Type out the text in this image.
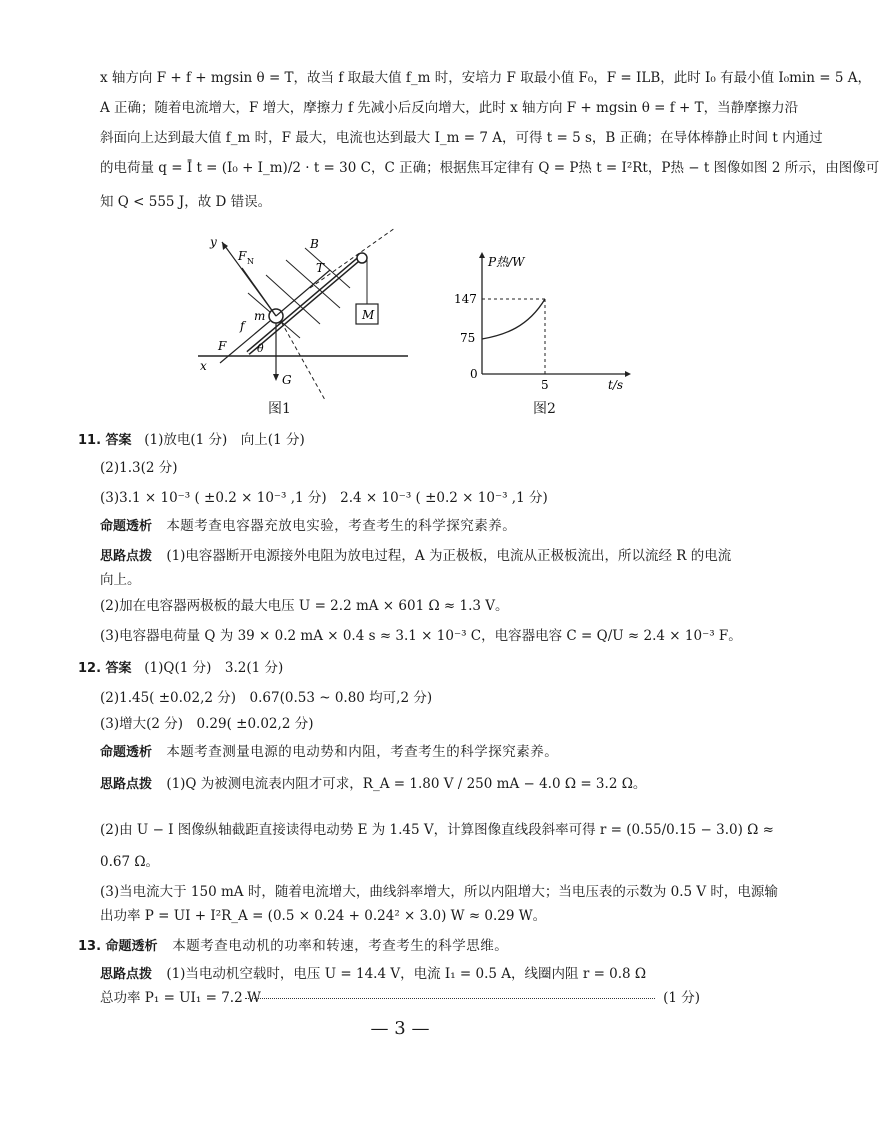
x 轴方向 F + f + mgsin θ = T，故当 f 取最大值 f_m 时，安培力 F 取最小值 F₀，F = ILB，此时 I₀ 有最小值 I₀min = 5 A，
A 正确；随着电流增大，F 增大，摩擦力 f 先减小后反向增大，此时 x 轴方向 F + mgsin θ = f + T，当静摩擦力沿
斜面向上达到最大值 f_m 时，F 最大，电流也达到最大 I_m = 7 A，可得 t = 5 s，B 正确；在导体棒静止时间 t 内通过
的电荷量 q = Ī t = (I₀ + I_m)/2 · t = 30 C，C 正确；根据焦耳定律有 Q = P热 t = I²Rt，P热 − t 图像如图 2 所示，由图像可
知 Q < 555 J，故 D 错误。
M
m
y
F N	T
B
G
f
F
x
θ
图1
P热/W
147
75
0
5	t/s
图2
11. 答案 (1)放电(1 分)　向上(1 分)
(2)1.3(2 分)
(3)3.1 × 10⁻³ ( ±0.2 × 10⁻³ ,1 分)　2.4 × 10⁻³ ( ±0.2 × 10⁻³ ,1 分)
命题透析 本题考查电容器充放电实验，考查考生的科学探究素养。
思路点拨 (1)电容器断开电源接外电阻为放电过程，A 为正极板，电流从正极板流出，所以流经 R 的电流
向上。
(2)加在电容器两极板的最大电压 U = 2.2 mA × 601 Ω ≈ 1.3 V。
(3)电容器电荷量 Q 为 39 × 0.2 mA × 0.4 s ≈ 3.1 × 10⁻³ C，电容器电容 C = Q/U ≈ 2.4 × 10⁻³ F。
12. 答案 (1)Q(1 分)　3.2(1 分)
(2)1.45( ±0.02,2 分)　0.67(0.53 ~ 0.80 均可,2 分)
(3)增大(2 分)　0.29( ±0.02,2 分)
命题透析 本题考查测量电源的电动势和内阻，考查考生的科学探究素养。
思路点拨 (1)Q 为被测电流表内阻才可求，R_A = 1.80 V / 250 mA − 4.0 Ω = 3.2 Ω。
(2)由 U − I 图像纵轴截距直接读得电动势 E 为 1.45 V，计算图像直线段斜率可得 r = (0.55/0.15 − 3.0) Ω ≈
0.67 Ω。
(3)当电流大于 150 mA 时，随着电流增大，曲线斜率增大，所以内阻增大；当电压表的示数为 0.5 V 时，电源输
出功率 P = UI + I²R_A = (0.5 × 0.24 + 0.24² × 3.0) W ≈ 0.29 W。
13. 命题透析 本题考查电动机的功率和转速，考查考生的科学思维。
思路点拨 (1)当电动机空载时，电压 U = 14.4 V，电流 I₁ = 0.5 A，线圈内阻 r = 0.8 Ω
总功率 P₁ = UI₁ = 7.2 W	(1 分)
— 3 —
